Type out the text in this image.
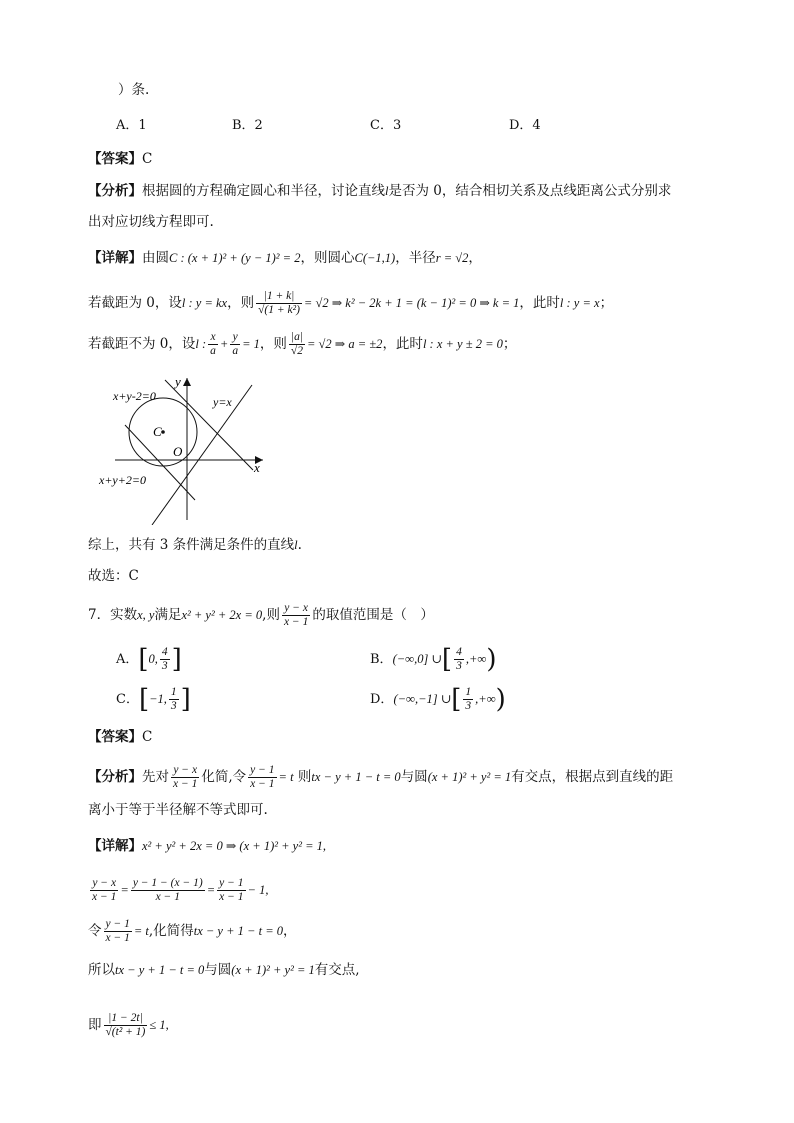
）条.
A．1	B．2	C．3	D．4
【答案】C
【分析】根据圆的方程确定圆心和半径，讨论直线l是否为 0，结合相切关系及点线距离公式分别求
出对应切线方程即可.
【详解】由圆C : (x + 1)² + (y − 1)² = 2，则圆心C(−1,1)，半径r = √2，
若截距为 0，设l : y = kx，则 $\frac{|1 + k|}{\text{√(1 + k²)}} = √2$ ⇒ k² − 2k + 1 = (k − 1)² = 0 ⇒ k = 1，此时l : y = x；
若截距不为 0，设l : $\frac{x}{a} + \frac{y}{a} = 1$，则 $\frac{|a|}{√2} = √2$ ⇒ a = ±2，此时l : x + y ± 2 = 0；
x+y-2=0	y=x
x+y+2=0
C
O
x
y
综上，共有 3 条件满足条件的直线l.
故选：C
7．实数x, y满足x² + y² + 2x = 0,则 $\frac{y - x}{x - 1}$ 的取值范围是（　）
A．[0, $\frac{4}{3}$ ]	B．(−∞,0] ∪[ $\frac{4}{3}$ ,+∞)
C．[−1, $\frac{1}{3}$ ]	D．(−∞,−1] ∪[ $\frac{1}{3}$ ,+∞)
【答案】C
【分析】先对 $\frac{y - x}{x - 1}$ 化简,令 $\frac{y - 1}{x - 1} = t$ 则tx − y + 1 − t = 0与圆(x + 1)² + y² = 1有交点，根据点到直线的距
离小于等于半径解不等式即可.
【详解】x² + y² + 2x = 0 ⇒ (x + 1)² + y² = 1,
$\frac{y - x}{x - 1} = \frac{y - 1 - (x - 1)}{x - 1} = \frac{y - 1}{x - 1} - 1$,
令 $\frac{y - 1}{x - 1} = t$,化简得tx − y + 1 − t = 0，
所以tx − y + 1 − t = 0与圆(x + 1)² + y² = 1有交点,
即 $\frac{|1 - 2t|}{\text{√(t² + 1)}} \le 1$,
